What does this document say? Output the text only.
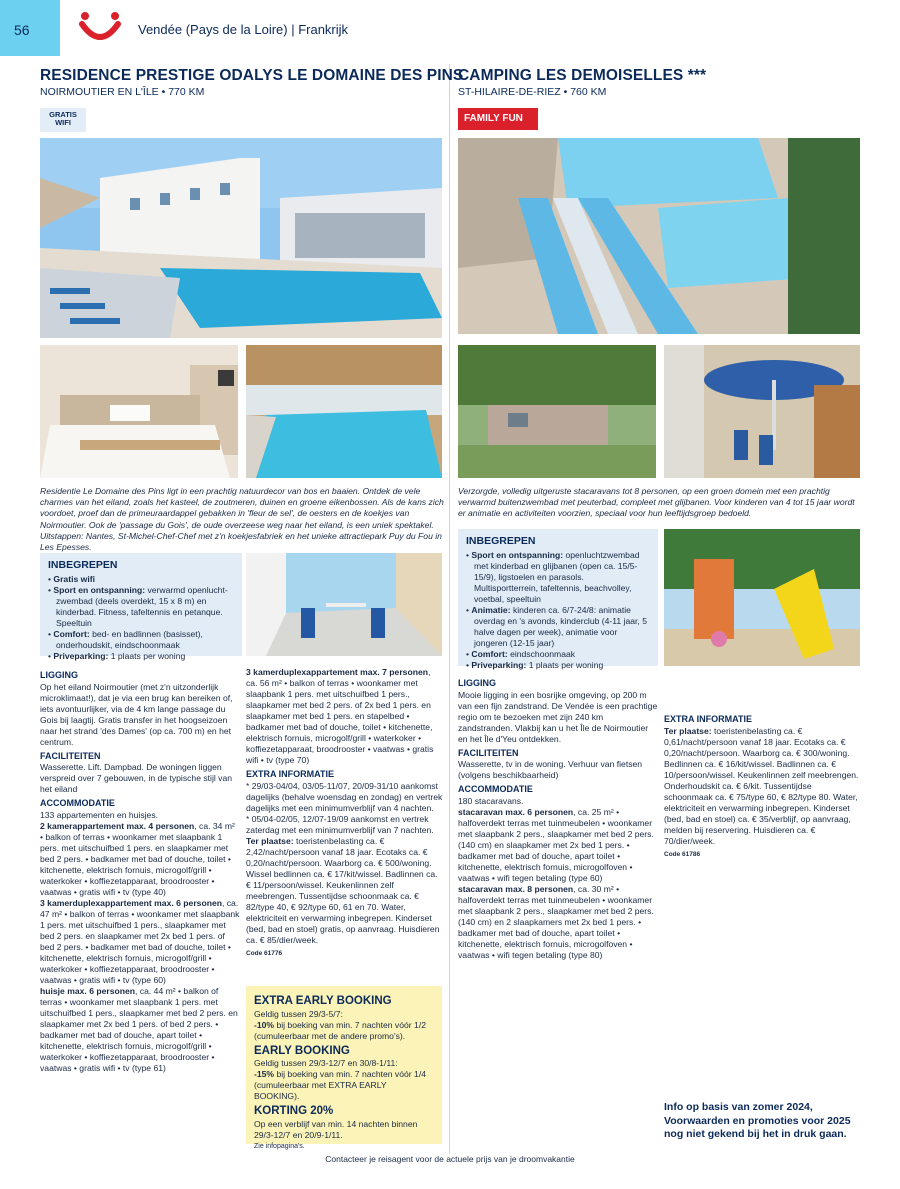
56	Vendée (Pays de la Loire) | Frankrijk
RESIDENCE PRESTIGE ODALYS LE DOMAINE DES PINS
NOIRMOUTIER EN L'ÎLE • 770 KM
GRATIS
WIFI
CAMPING LES DEMOISELLES ***
ST-HILAIRE-DE-RIEZ • 760 KM
FAMILY FUN
Residentie Le Domaine des Pins ligt in een prachtig natuurdecor van bos en baaien. Ontdek de vele charmes van het eiland, zoals het kasteel, de zoutmeren, duinen en groene eikenbossen. Als de kans zich voordoet, proef dan de primeuraardappel gebakken in 'fleur de sel', de oesters en de koekjes van Noirmoutier. Ook de 'passage du Gois', de oude overzeese weg naar het eiland, is een uniek spektakel. Uitstappen: Nantes, St-Michel-Chef-Chef met z'n koekjesfabriek en het unieke attractiepark Puy du Fou in Les Epesses.
INBEGREPEN
• Gratis wifi
• Sport en ontspanning: verwarmd openlucht-zwembad (deels overdekt, 15 x 8 m) en kinderbad. Fitness, tafeltennis en petanque. Speeltuin
• Comfort: bed- en badlinnen (basisset), onderhoudskit, eindschoonmaak
• Priveparking: 1 plaats per woning
LIGGING
Op het eiland Noirmoutier (met z'n uitzonderlijk microklimaat!), dat je via een brug kan bereiken of, iets avontuurlijker, via de 4 km lange passage du Gois bij laagtij. Gratis transfer in het hoogseizoen naar het strand 'des Dames' (op ca. 700 m) en het centrum.
FACILITEITEN
Wasserette. Lift. Dampbad. De woningen liggen verspreid over 7 gebouwen, in de typische stijl van het eiland
ACCOMMODATIE
133 appartementen en huisjes.
2 kamerappartement max. 4 personen, ca. 34 m² • balkon of terras • woonkamer met slaapbank 1 pers. met uitschuifbed 1 pers. en slaapkamer met bed 2 pers. • badkamer met bad of douche, toilet • kitchenette, elektrisch fornuis, microgolf/grill • waterkoker • koffiezetapparaat, broodrooster • vaatwas • gratis wifi • tv (type 40)
3 kamerduplexappartement max. 6 personen, ca. 47 m² • balkon of terras • woonkamer met slaapbank 1 pers. met uitschuifbed 1 pers., slaapkamer met bed 2 pers. en slaapkamer met 2x bed 1 pers. of bed 2 pers. • badkamer met bad of douche, toilet • kitchenette, elektrisch fornuis, microgolf/grill • waterkoker • koffiezetapparaat, broodrooster • vaatwas • gratis wifi • tv (type 60)
huisje max. 6 personen, ca. 44 m² • balkon of terras • woonkamer met slaapbank 1 pers. met uitschuifbed 1 pers., slaapkamer met bed 2 pers. en slaapkamer met 2x bed 1 pers. of bed 2 pers. • badkamer met bad of douche, apart toilet • kitchenette, elektrisch fornuis, microgolf/grill • waterkoker • koffiezetapparaat, broodrooster • vaatwas • gratis wifi • tv (type 61)
3 kamerduplexappartement max. 7 personen, ca. 56 m² • balkon of terras • woonkamer met slaapbank 1 pers. met uitschuifbed 1 pers., slaapkamer met bed 2 pers. of 2x bed 1 pers. en slaapkamer met bed 1 pers. en stapelbed • badkamer met bad of douche, toilet • kitchenette, elektrisch fornuis, microgolf/grill • waterkoker • koffiezetapparaat, broodrooster • vaatwas • gratis wifi • tv (type 70)
EXTRA INFORMATIE
* 29/03-04/04, 03/05-11/07, 20/09-31/10 aankomst dagelijks (behalve woensdag en zondag) en vertrek dagelijks met een minimumverblijf van 4 nachten.
* 05/04-02/05, 12/07-19/09 aankomst en vertrek zaterdag met een minimumverblijf van 7 nachten.
Ter plaatse: toeristenbelasting ca. € 2,42/nacht/persoon vanaf 18 jaar. Ecotaks ca. € 0,20/nacht/persoon. Waarborg ca. € 500/woning. Wissel bedlinnen ca. € 17/kit/wissel. Badlinnen ca. € 11/persoon/wissel. Keukenlinnen zelf meebrengen. Tussentijdse schoonmaak ca. € 82/type 40, € 92/type 60, 61 en 70. Water, elektriciteit en verwarming inbegrepen. Kinderset (bed, bad en stoel) gratis, op aanvraag. Huisdieren ca. € 85/dier/week.
Code 61776
EXTRA EARLY BOOKING
Geldig tussen 29/3-5/7:
-10% bij boeking van min. 7 nachten vóór 1/2 (cumuleerbaar met de andere promo's).
EARLY BOOKING
Geldig tussen 29/3-12/7 en 30/8-1/11:
-15% bij boeking van min. 7 nachten vóór 1/4 (cumuleerbaar met EXTRA EARLY BOOKING).
KORTING 20%
Op een verblijf van min. 14 nachten binnen 29/3-12/7 en 20/9-1/11.
Zie infopagina's.
Verzorgde, volledig uitgeruste stacaravans tot 8 personen, op een groen domein met een prachtig verwarmd buitenzwembad met peuterbad, compleet met glijbanen. Voor kinderen van 4 tot 15 jaar wordt er animatie en activiteiten voorzien, speciaal voor hun leeftijdsgroep bedoeld.
INBEGREPEN
• Sport en ontspanning: openluchtzwembad met kinderbad en glijbanen (open ca. 15/5-15/9), ligstoelen en parasols. Multisportterrein, tafeltennis, beachvolley, voetbal, speeltuin
• Animatie: kinderen ca. 6/7-24/8: animatie overdag en 's avonds, kinderclub (4-11 jaar, 5 halve dagen per week), animatie voor jongeren (12-15 jaar)
• Comfort: eindschoonmaak
• Priveparking: 1 plaats per woning
LIGGING
Mooie ligging in een bosrijke omgeving, op 200 m van een fijn zandstrand. De Vendée is een prachtige regio om te bezoeken met zijn 240 km zandstranden. Vlakbij kan u het Île de Noirmoutier en het Île d'Yeu ontdekken.
FACILITEITEN
Wasserette, tv in de woning. Verhuur van fietsen (volgens beschikbaarheid)
ACCOMMODATIE
180 stacaravans.
stacaravan max. 6 personen, ca. 25 m² • halfoverdekt terras met tuinmeubelen • woonkamer met slaapbank 2 pers., slaapkamer met bed 2 pers. (140 cm) en slaapkamer met 2x bed 1 pers. • badkamer met bad of douche, apart toilet • kitchenette, elektrisch fornuis, microgolfoven • vaatwas • wifi tegen betaling (type 60)
stacaravan max. 8 personen, ca. 30 m² • halfoverdekt terras met tuinmeubelen • woonkamer met slaapbank 2 pers., slaapkamer met bed 2 pers. (140 cm) en 2 slaapkamers met 2x bed 1 pers. • badkamer met bad of douche, apart toilet • kitchenette, elektrisch fornuis, microgolfoven • vaatwas • wifi tegen betaling (type 80)
EXTRA INFORMATIE
Ter plaatse: toeristenbelasting ca. € 0,61/nacht/persoon vanaf 18 jaar. Ecotaks ca. € 0,20/nacht/persoon. Waarborg ca. € 300/woning. Bedlinnen ca. € 16/kit/wissel. Badlinnen ca. € 10/persoon/wissel. Keukenlinnen zelf meebrengen. Onderhoudskit ca. € 6/kit. Tussentijdse schoonmaak ca. € 75/type 60, € 82/type 80. Water, elektriciteit en verwarming inbegrepen. Kinderset (bed, bad en stoel) ca. € 35/verblijf, op aanvraag, melden bij reservering. Huisdieren ca. € 70/dier/week.
Code 61786
Info op basis van zomer 2024, Voorwaarden en promoties voor 2025 nog niet gekend bij het in druk gaan.
Contacteer je reisagent voor de actuele prijs van je droomvakantie
